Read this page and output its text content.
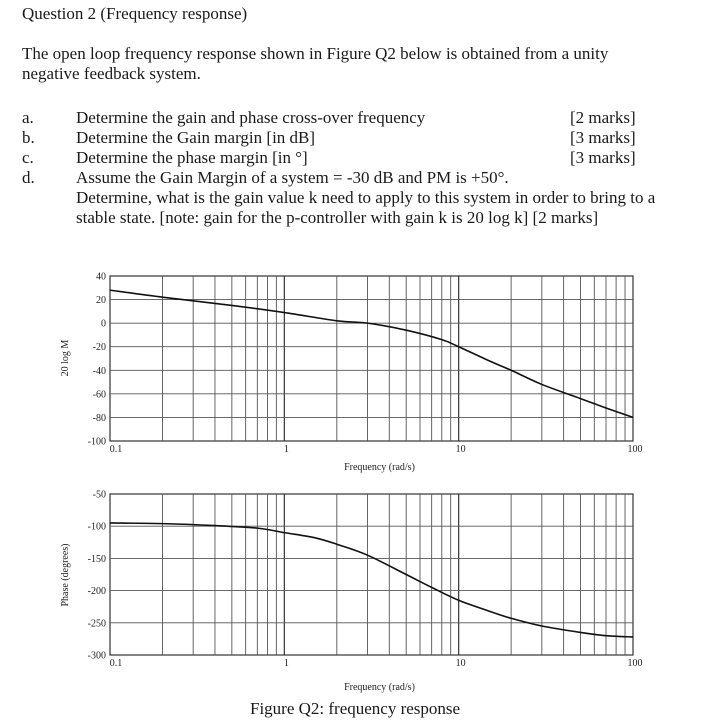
Question 2 (Frequency response)
The open loop frequency response shown in Figure Q2 below is obtained from a unity
negative feedback system.
a. Determine the gain and phase cross-over frequency	[2 marks]
b. Determine the Gain margin [in dB]	[3 marks]
c. Determine the phase margin [in °]	[3 marks]
d. Assume the Gain Margin of a system = -30 dB and PM is +50°.
Determine, what is the gain value k need to apply to this system in order to bring to a
stable state. [note: gain for the p-controller with gain k is 20 log k] [2 marks]
40
20
0
-20
-40
-60
-80
-100
0.1	1	10	100
Frequency (rad/s)
20 log M
-50
-100
-150
-200
-250
-300
0.1	1	10	100
Frequency (rad/s)
Phase (degrees)
Figure Q2: frequency response
